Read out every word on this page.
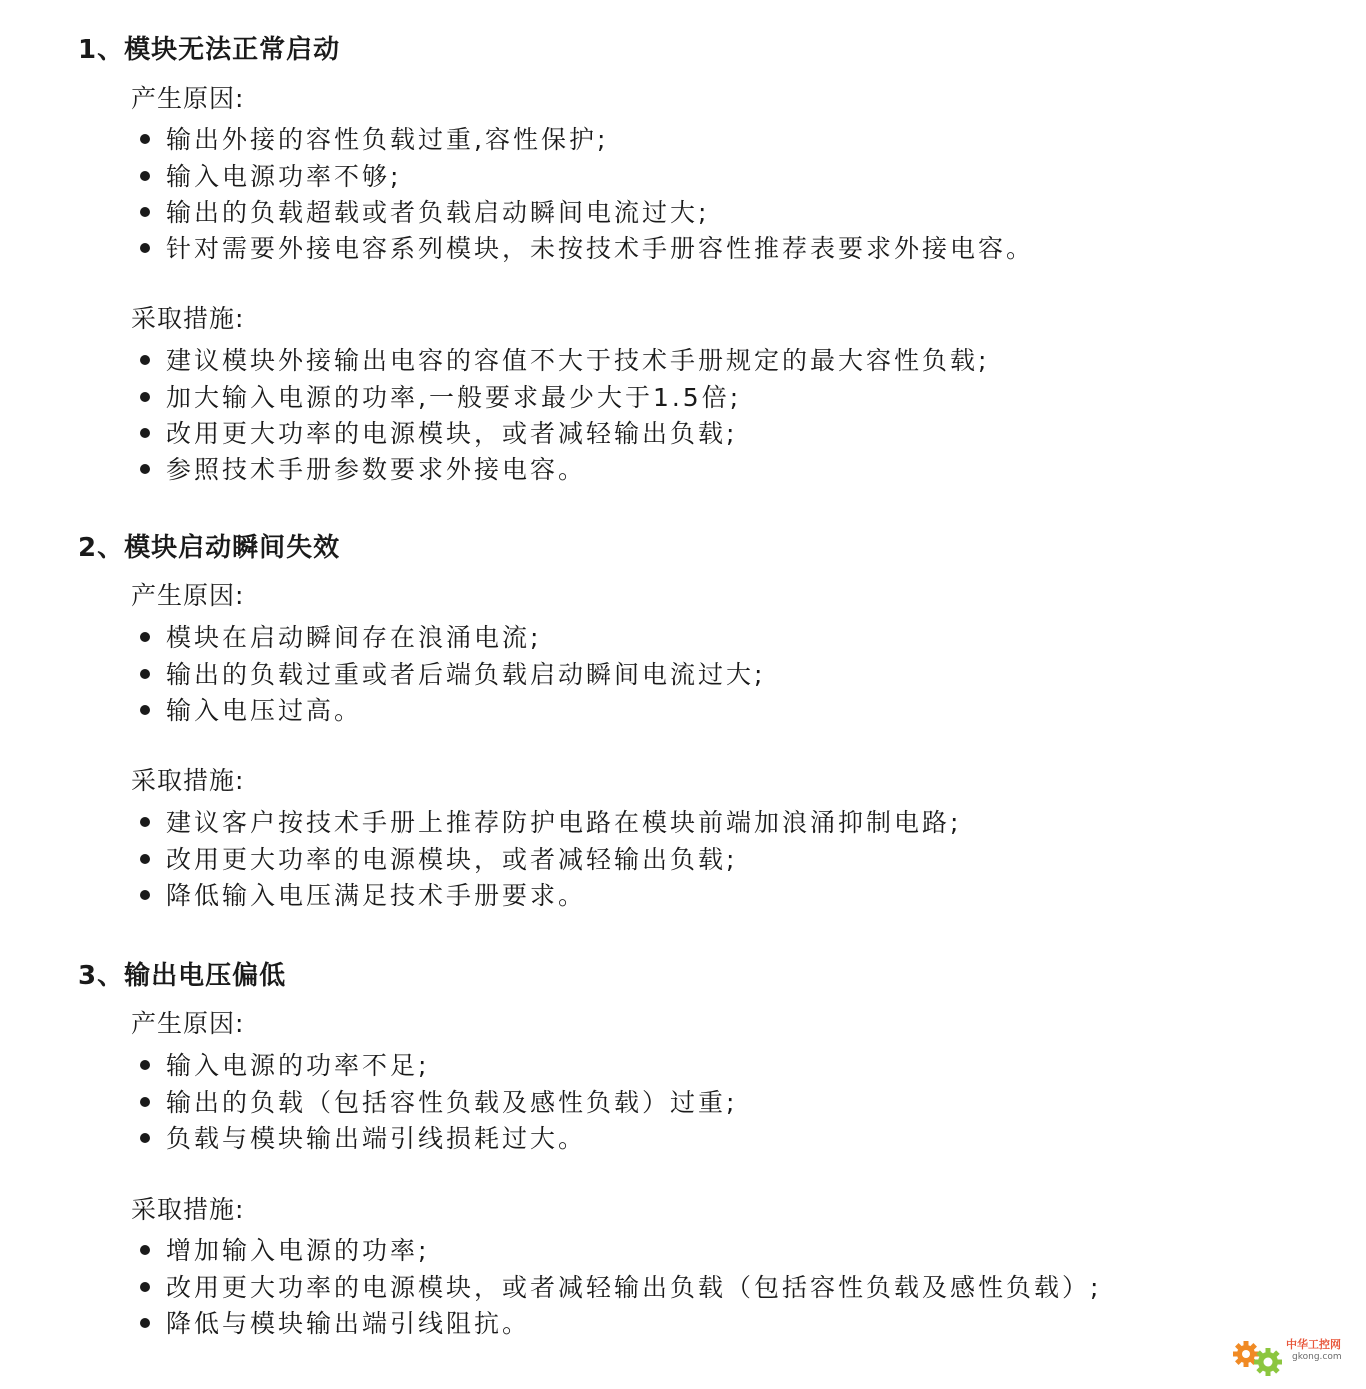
1、模块无法正常启动
产生原因:
输出外接的容性负载过重,容性保护;
输入电源功率不够;
输出的负载超载或者负载启动瞬间电流过大;
针对需要外接电容系列模块，未按技术手册容性推荐表要求外接电容。
采取措施:
建议模块外接输出电容的容值不大于技术手册规定的最大容性负载;
加大输入电源的功率,一般要求最少大于1.5倍;
改用更大功率的电源模块，或者减轻输出负载;
参照技术手册参数要求外接电容。
2、模块启动瞬间失效
产生原因:
模块在启动瞬间存在浪涌电流;
输出的负载过重或者后端负载启动瞬间电流过大;
输入电压过高。
采取措施:
建议客户按技术手册上推荐防护电路在模块前端加浪涌抑制电路;
改用更大功率的电源模块，或者减轻输出负载;
降低输入电压满足技术手册要求。
3、输出电压偏低
产生原因:
输入电源的功率不足;
输出的负载（包括容性负载及感性负载）过重;
负载与模块输出端引线损耗过大。
采取措施:
增加输入电源的功率;
改用更大功率的电源模块，或者减轻输出负载（包括容性负载及感性负载）;
降低与模块输出端引线阻抗。
中华工控网
gkong.com
